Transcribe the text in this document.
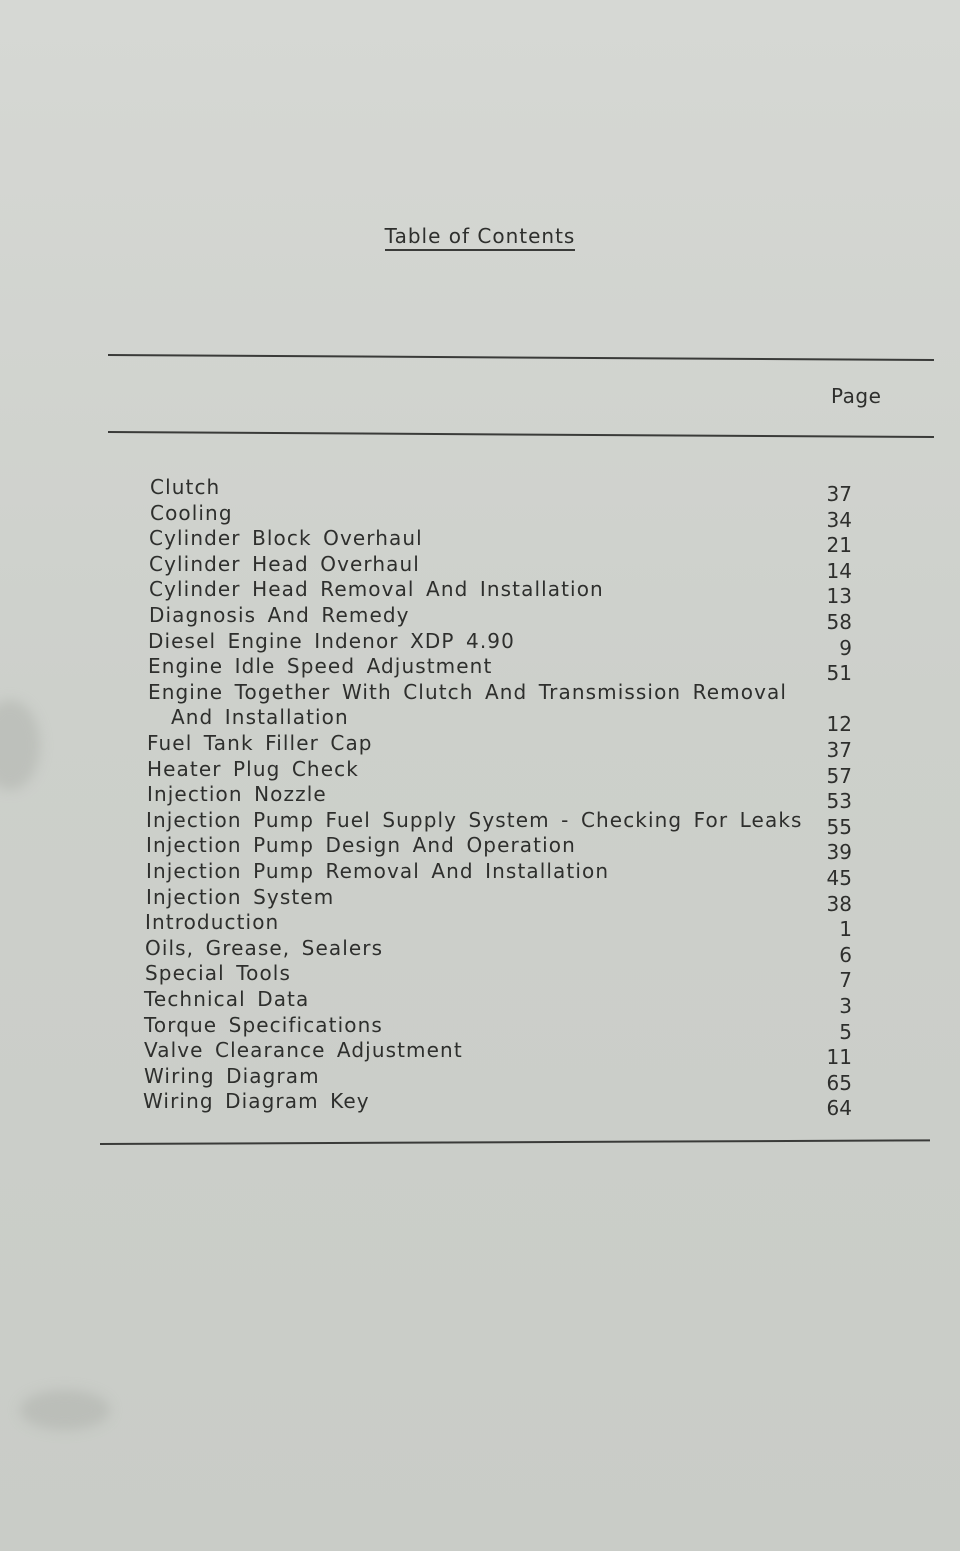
Table of Contents
Page
Clutch	37
Cooling	34
Cylinder Block Overhaul	21
Cylinder Head Overhaul	14
Cylinder Head Removal And Installation	13
Diagnosis And Remedy	58
Diesel Engine Indenor XDP 4.90	9
Engine Idle Speed Adjustment	51
Engine Together With Clutch And Transmission Removal
And Installation	12
Fuel Tank Filler Cap	37
Heater Plug Check	57
Injection Nozzle	53
Injection Pump Fuel Supply System - Checking For Leaks 55
Injection Pump Design And Operation	39
Injection Pump Removal And Installation	45
Injection System	38
Introduction	1
Oils, Grease, Sealers	6
Special Tools	7
Technical Data	3
Torque Specifications	5
Valve Clearance Adjustment	11
Wiring Diagram	65
Wiring Diagram Key	64
